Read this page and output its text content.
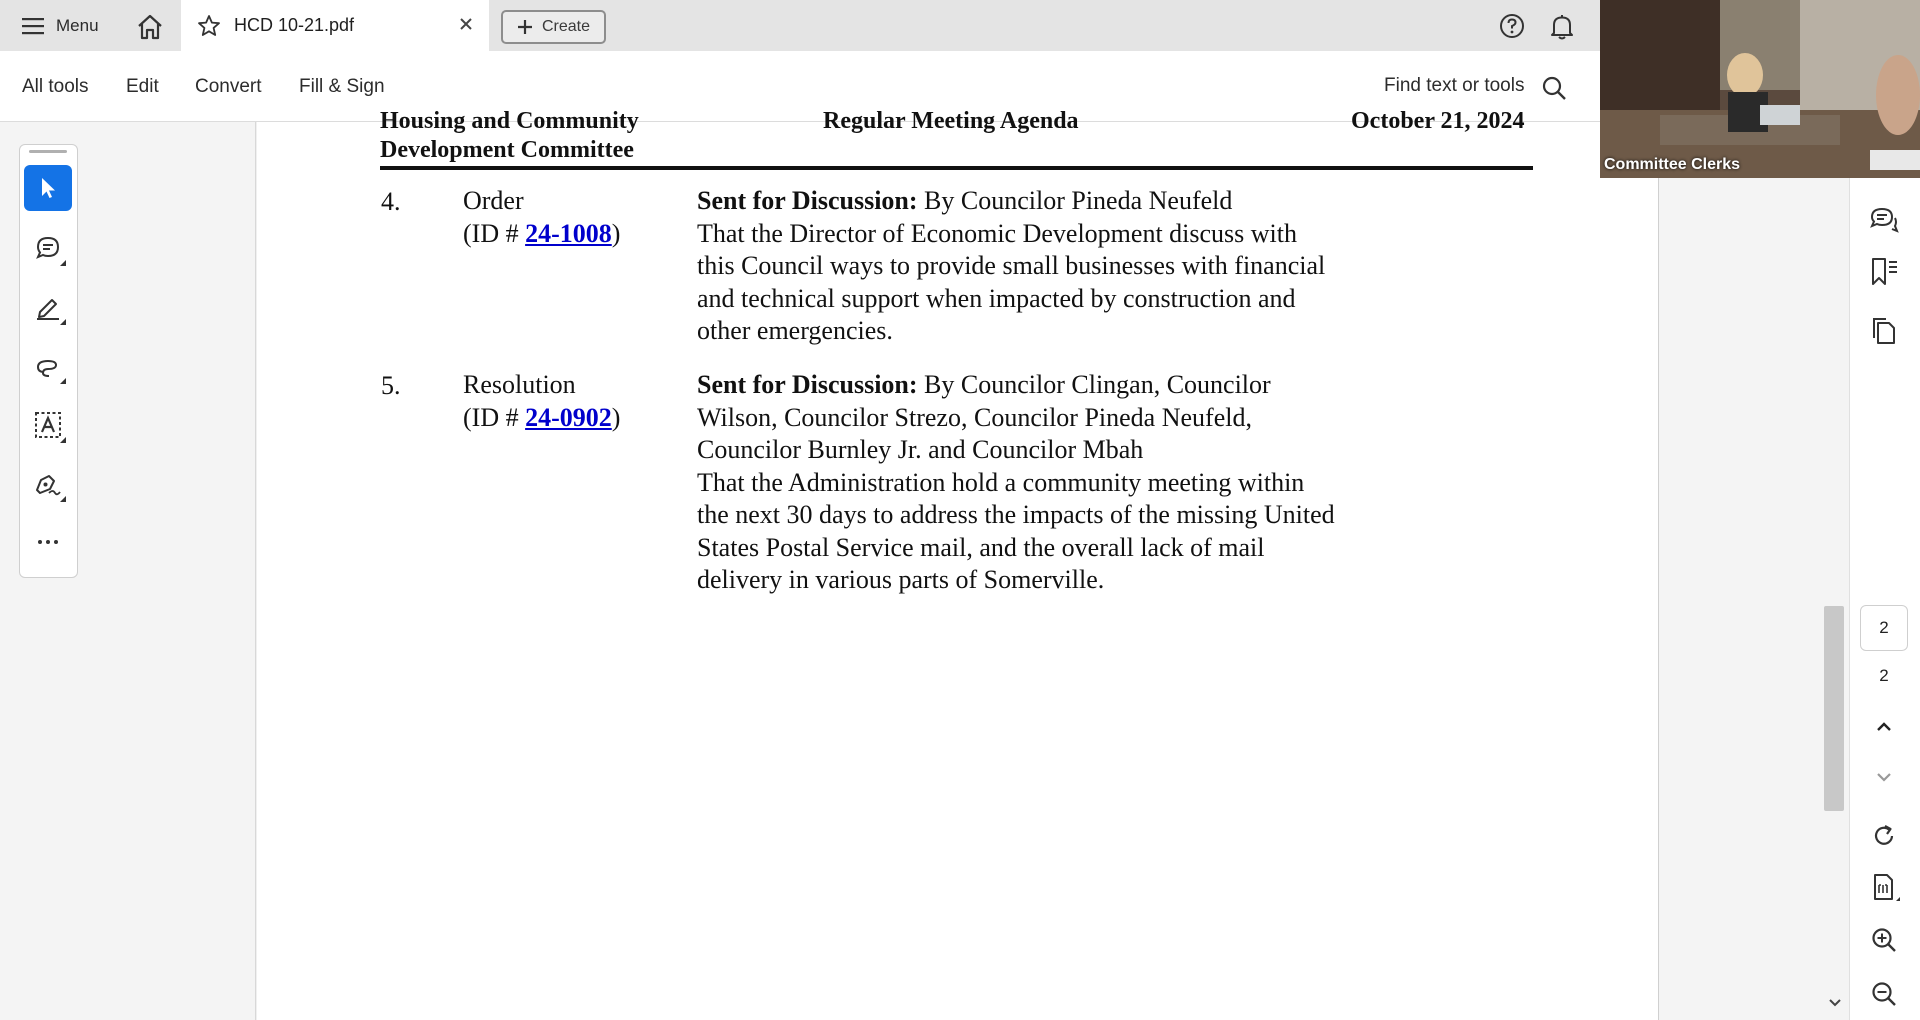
Menu	HCD 10-21.pdf	Create
All tools Edit Convert Fill & Sign	Find text or tools
Housing and Community
Development Committee
Regular Meeting Agenda	October 21, 2024
4. Order
(ID # 24-1008)
Sent for Discussion: By Councilor Pineda Neufeld
That the Director of Economic Development discuss with this Council ways to provide small businesses with financial and technical support when impacted by construction and other emergencies.
5. Resolution
(ID # 24-0902)
Sent for Discussion: By Councilor Clingan, Councilor Wilson, Councilor Strezo, Councilor Pineda Neufeld, Councilor Burnley Jr. and Councilor Mbah
That the Administration hold a community meeting within the next 30 days to address the impacts of the missing United States Postal Service mail, and the overall lack of mail delivery in various parts of Somerville.
2
2
Committee Clerks
